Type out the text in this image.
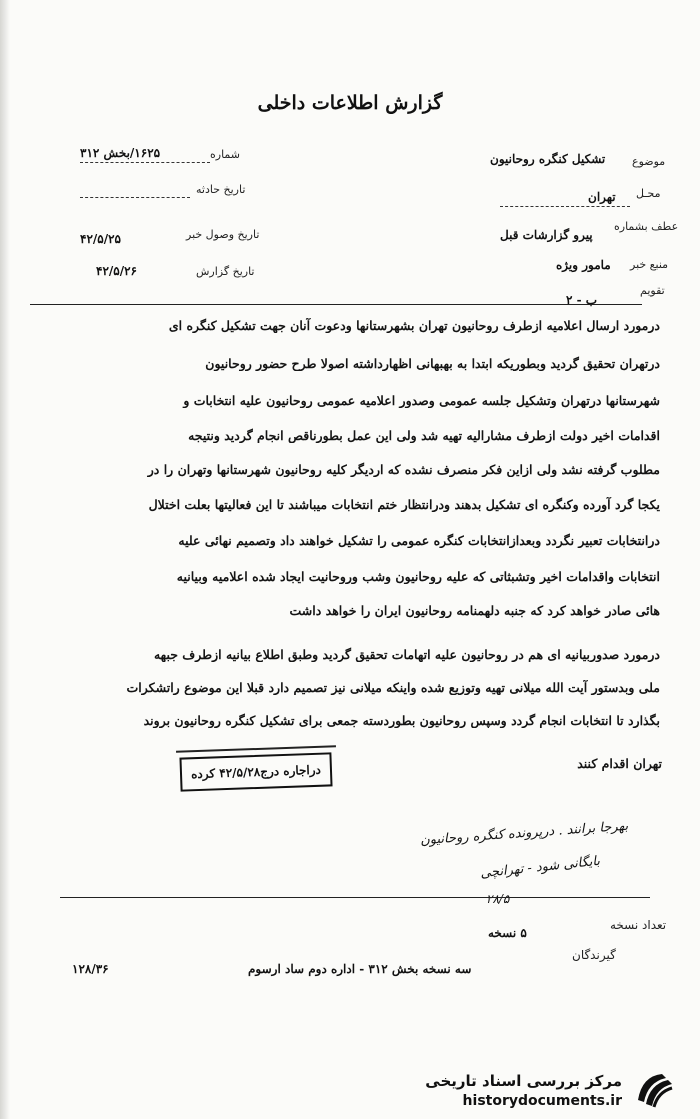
گزارش اطلاعات داخلی
شماره
۱۶۲۵/بخش ۳۱۲
تاریخ حادثه
تاریخ وصول خبر
۴۲/۵/۲۵
تاریخ گزارش
۴۲/۵/۲۶
موضوع
تشکیل کنگره روحانیون
محـل
تهران
عطف بشماره
پیرو گزارشات قبل
منبع خبر
مامور ویژه
تقویم
ب - ۲
درمورد ارسال اعلامیه ازطرف روحانیون تهران بشهرستانها ودعوت آنان جهت تشکیل کنگره ای
درتهران تحقیق گردید وبطوریکه ابتدا به بهبهانی اظهارداشته اصولا طرح حضور روحانیون
شهرستانها درتهران وتشکیل جلسه عمومی وصدور اعلامیه عمومی روحانیون علیه انتخابات و
اقدامات اخیر دولت ازطرف مشاراليه تهیه شد ولی این عمل بطورناقص انجام گردید ونتیجه
مطلوب گرفته نشد ولی ازاین فکر منصرف نشده که اردیگر کلیه روحانیون شهرستانها وتهران را در
یکجا گرد آورده وکنگره ای تشکیل بدهند ودرانتظار ختم انتخابات میباشند تا این فعالیتها بعلت اختلال
درانتخابات تعبیر نگردد وبعدازانتخابات کنگره عمومی را تشکیل خواهند داد وتصمیم نهائی علیه
انتخابات واقدامات اخیر وتشبثاتی که علیه روحانیون وشب وروحانیت ایجاد شده اعلامیه وبیانیه
هائی صادر خواهد کرد که جنبه دلهمنامه روحانیون ایران را خواهد داشت
درمورد صدوربیانیه ای هم در روحانیون علیه اتهامات تحقیق گردید وطبق اطلاع بیانیه ازطرف جبهه
ملی وبدستور آیت الله میلانی تهیه وتوزیع شده واینکه میلانی نیز تصمیم دارد قبلا این موضوع راتشکرات
بگذارد تا انتخابات انجام گردد وسپس روحانیون بطوردسته جمعی برای تشکیل کنگره روحانیون بروند
تهران اقدام کنند
دراجاره درج۴۲/۵/۲۸ کرده
بهرجا برانند . درپرونده کنگره روحانیون
بایگانی شود - تهرانچی
۲۸/۵
تعداد نسخه
۵ نسخه
گیرندگان
سه نسخه بخش ۳۱۲ - اداره دوم ساد ارسوم
۱۲۸/۳۶
مرکز بررسی اسناد تاریخی
historydocuments.ir
